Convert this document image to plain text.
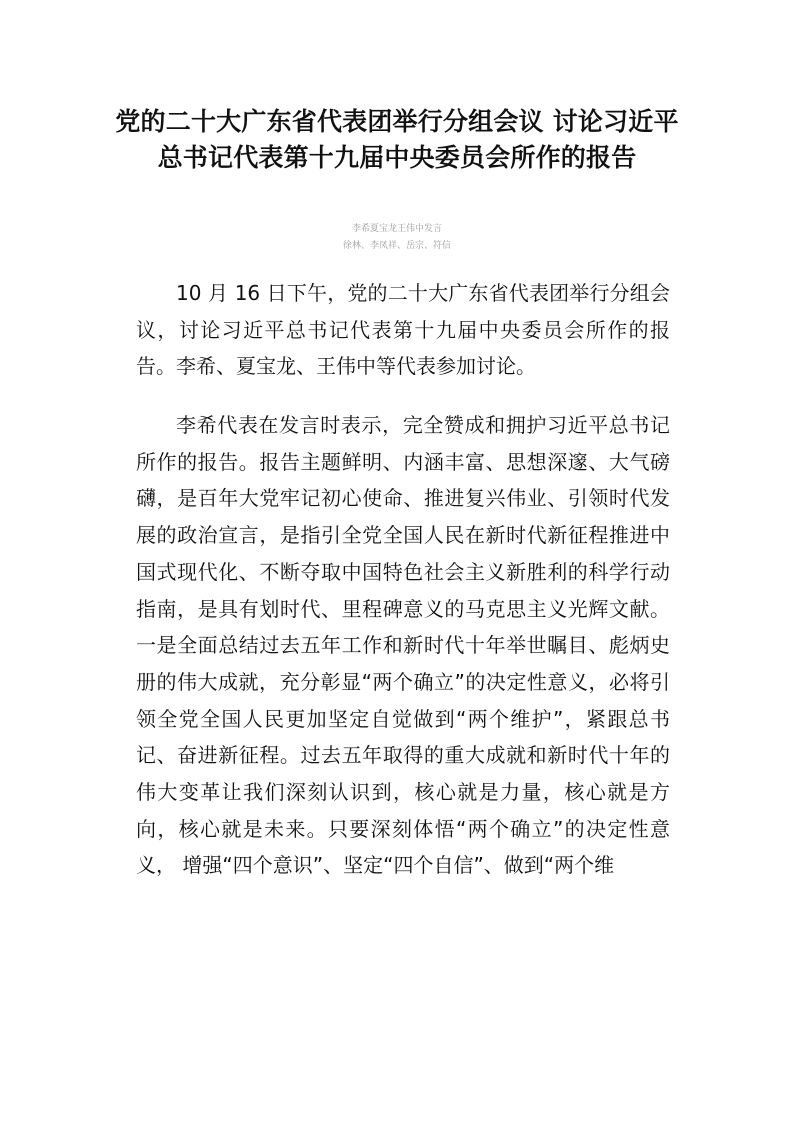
党的二十大广东省代表团举行分组会议 讨论习近平总书记代表第十九届中央委员会所作的报告
李希夏宝龙王伟中发言
徐林、李凤祥、岳宗、符信

10 月 16 日下午，党的二十大广东省代表团举行分组会议，讨论习近平总书记代表第十九届中央委员会所作的报告。李希、夏宝龙、王伟中等代表参加讨论。

李希代表在发言时表示，完全赞成和拥护习近平总书记所作的报告。报告主题鲜明、内涵丰富、思想深邃、大气磅礴，是百年大党牢记初心使命、推进复兴伟业、引领时代发展的政治宣言，是指引全党全国人民在新时代新征程推进中国式现代化、不断夺取中国特色社会主义新胜利的科学行动指南，是具有划时代、里程碑意义的马克思主义光辉文献。一是全面总结过去五年工作和新时代十年举世瞩目、彪炳史册的伟大成就，充分彰显“两个确立”的决定性意义，必将引领全党全国人民更加坚定自觉做到“两个维护”，紧跟总书记、奋进新征程。过去五年取得的重大成就和新时代十年的伟大变革让我们深刻认识到，核心就是力量，核心就是方向，核心就是未来。只要深刻体悟“两个确立”的决定性意义， 增强“四个意识”、坚定“四个自信”、做到“两个维
